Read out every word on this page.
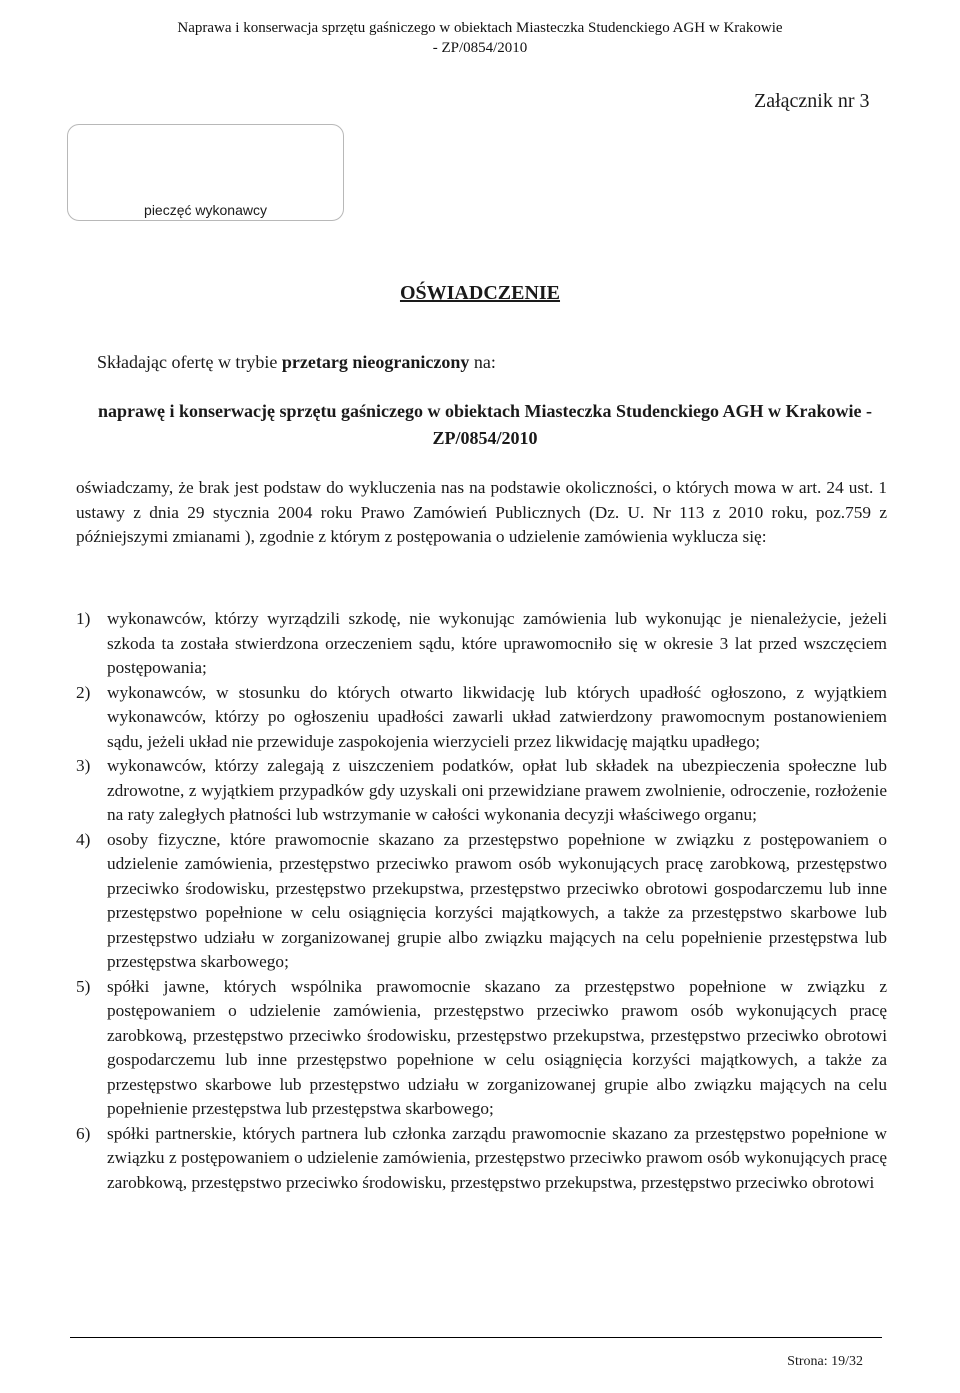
Naprawa i konserwacja sprzętu gaśniczego w obiektach Miasteczka Studenckiego AGH w Krakowie
- ZP/0854/2010
Załącznik nr 3
pieczęć wykonawcy
OŚWIADCZENIE
Składając ofertę w trybie przetarg nieograniczony na:
naprawę i konserwację sprzętu gaśniczego w obiektach Miasteczka Studenckiego AGH w Krakowie - ZP/0854/2010
oświadczamy, że brak jest podstaw do wykluczenia nas na podstawie okoliczności, o których mowa w art. 24 ust. 1 ustawy z dnia 29 stycznia 2004 roku Prawo Zamówień Publicznych (Dz. U. Nr 113 z 2010 roku, poz.759 z późniejszymi zmianami ), zgodnie z którym z postępowania o udzielenie zamówienia wyklucza się:
1) wykonawców, którzy wyrządzili szkodę, nie wykonując zamówienia lub wykonując je nienależycie, jeżeli szkoda ta została stwierdzona orzeczeniem sądu, które uprawomocniło się w okresie 3 lat przed wszczęciem postępowania;
2) wykonawców, w stosunku do których otwarto likwidację lub których upadłość ogłoszono, z wyjątkiem wykonawców, którzy po ogłoszeniu upadłości zawarli układ zatwierdzony prawomocnym postanowieniem sądu, jeżeli układ nie przewiduje zaspokojenia wierzycieli przez likwidację majątku upadłego;
3) wykonawców, którzy zalegają z uiszczeniem podatków, opłat lub składek na ubezpieczenia społeczne lub zdrowotne, z wyjątkiem przypadków gdy uzyskali oni przewidziane prawem zwolnienie, odroczenie, rozłożenie na raty zaległych płatności lub wstrzymanie w całości wykonania decyzji właściwego organu;
4) osoby fizyczne, które prawomocnie skazano za przestępstwo popełnione w związku z postępowaniem o udzielenie zamówienia, przestępstwo przeciwko prawom osób wykonujących pracę zarobkową, przestępstwo przeciwko środowisku, przestępstwo przekupstwa, przestępstwo przeciwko obrotowi gospodarczemu lub inne przestępstwo popełnione w celu osiągnięcia korzyści majątkowych, a także za przestępstwo skarbowe lub przestępstwo udziału w zorganizowanej grupie albo związku mających na celu popełnienie przestępstwa lub przestępstwa skarbowego;
5) spółki jawne, których wspólnika prawomocnie skazano za przestępstwo popełnione w związku z postępowaniem o udzielenie zamówienia, przestępstwo przeciwko prawom osób wykonujących pracę zarobkową, przestępstwo przeciwko środowisku, przestępstwo przekupstwa, przestępstwo przeciwko obrotowi gospodarczemu lub inne przestępstwo popełnione w celu osiągnięcia korzyści majątkowych, a także za przestępstwo skarbowe lub przestępstwo udziału w zorganizowanej grupie albo związku mających na celu popełnienie przestępstwa lub przestępstwa skarbowego;
6) spółki partnerskie, których partnera lub członka zarządu prawomocnie skazano za przestępstwo popełnione w związku z postępowaniem o udzielenie zamówienia, przestępstwo przeciwko prawom osób wykonujących pracę zarobkową, przestępstwo przeciwko środowisku, przestępstwo przekupstwa, przestępstwo przeciwko obrotowi
Strona: 19/32
